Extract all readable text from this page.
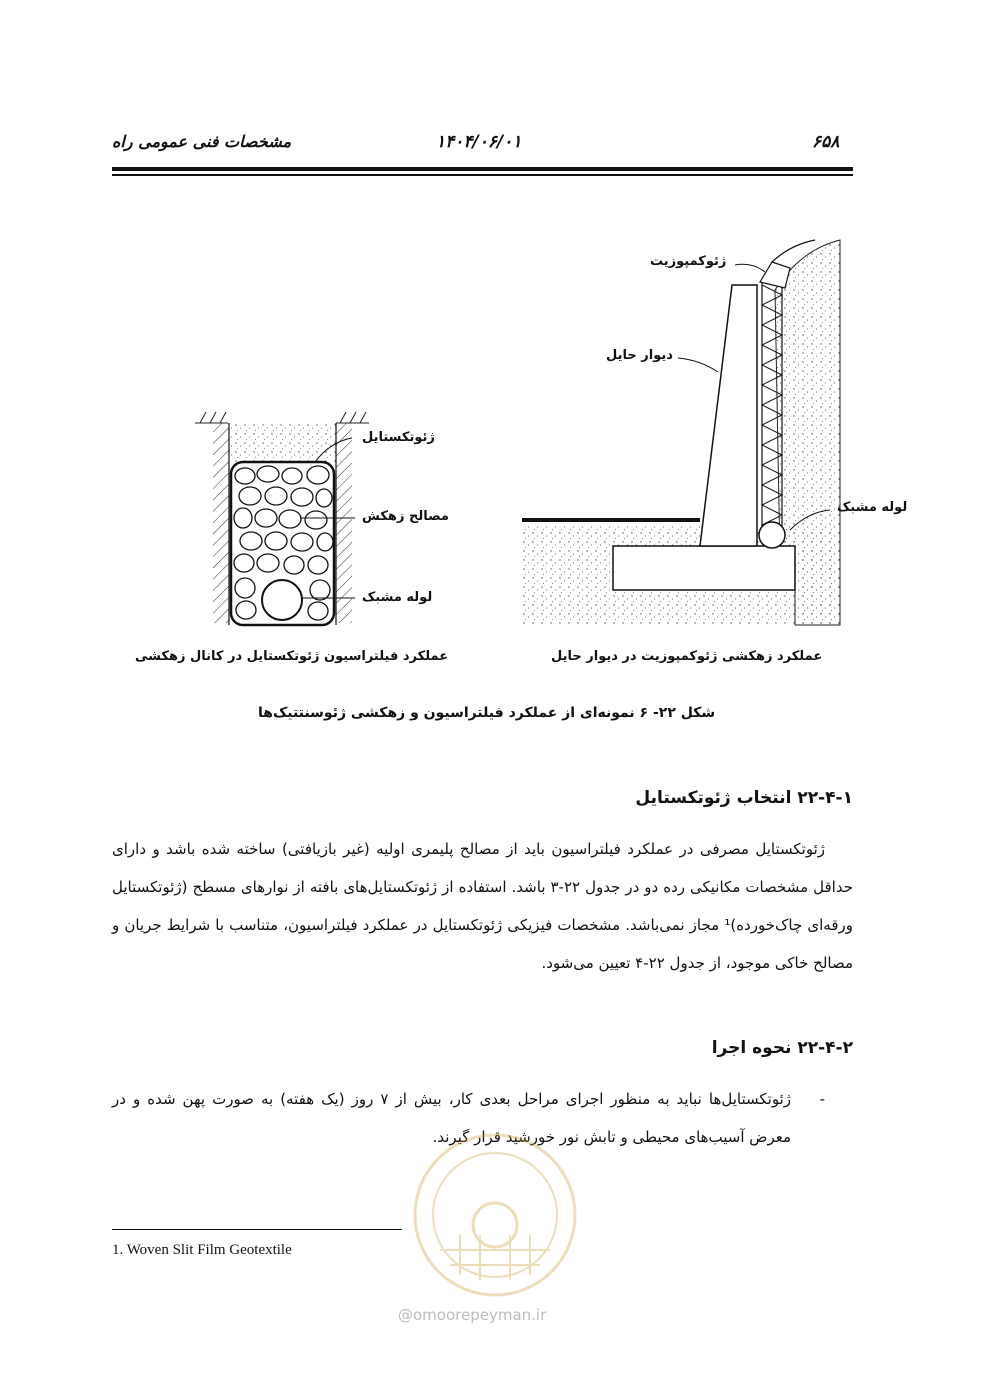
۶۵۸
۱۴۰۴/۰۶/۰۱
مشخصات فنی عمومی راه
ژئوکمپوزیت
دیوار حایل
لوله مشبک
ژئوتکستایل
مصالح زهکش
لوله مشبک
عملکرد زهکشی ژئوکمپوزیت در دیوار حایل
عملکرد فیلتراسیون ژئوتکستایل در کانال زهکشی
شکل ۲۲- ۶ نمونه‌ای از عملکرد فیلتراسیون و زهکشی ژئوسنتتیک‌ها
۲۲-۴-۱ انتخاب ژئوتکستایل
ژئوتکستایل مصرفی در عملکرد فیلتراسیون باید از مصالح پلیمری اولیه (غیر بازیافتی) ساخته شده باشد و دارای حداقل مشخصات مکانیکی رده دو در جدول ۲۲-۳ باشد. استفاده از ژئوتکستایل‌های بافته از نوارهای مسطح (ژئوتکستایل ورقه‌ای چاک‌خورده)¹ مجاز نمی‌باشد. مشخصات فیزیکی ژئوتکستایل در عملکرد فیلتراسیون، متناسب با شرایط جریان و مصالح خاکی موجود، از جدول ۲۲-۴ تعیین می‌شود.
۲۲-۴-۲ نحوه اجرا
-
ژئوتکستایل‌ها نباید به منظور اجرای مراحل بعدی کار، بیش از ۷ روز (یک هفته) به صورت پهن شده و در معرض آسیب‌های محیطی و تابش نور خورشید قرار گیرند.
1. Woven Slit Film Geotextile
@omoorepeyman.ir
